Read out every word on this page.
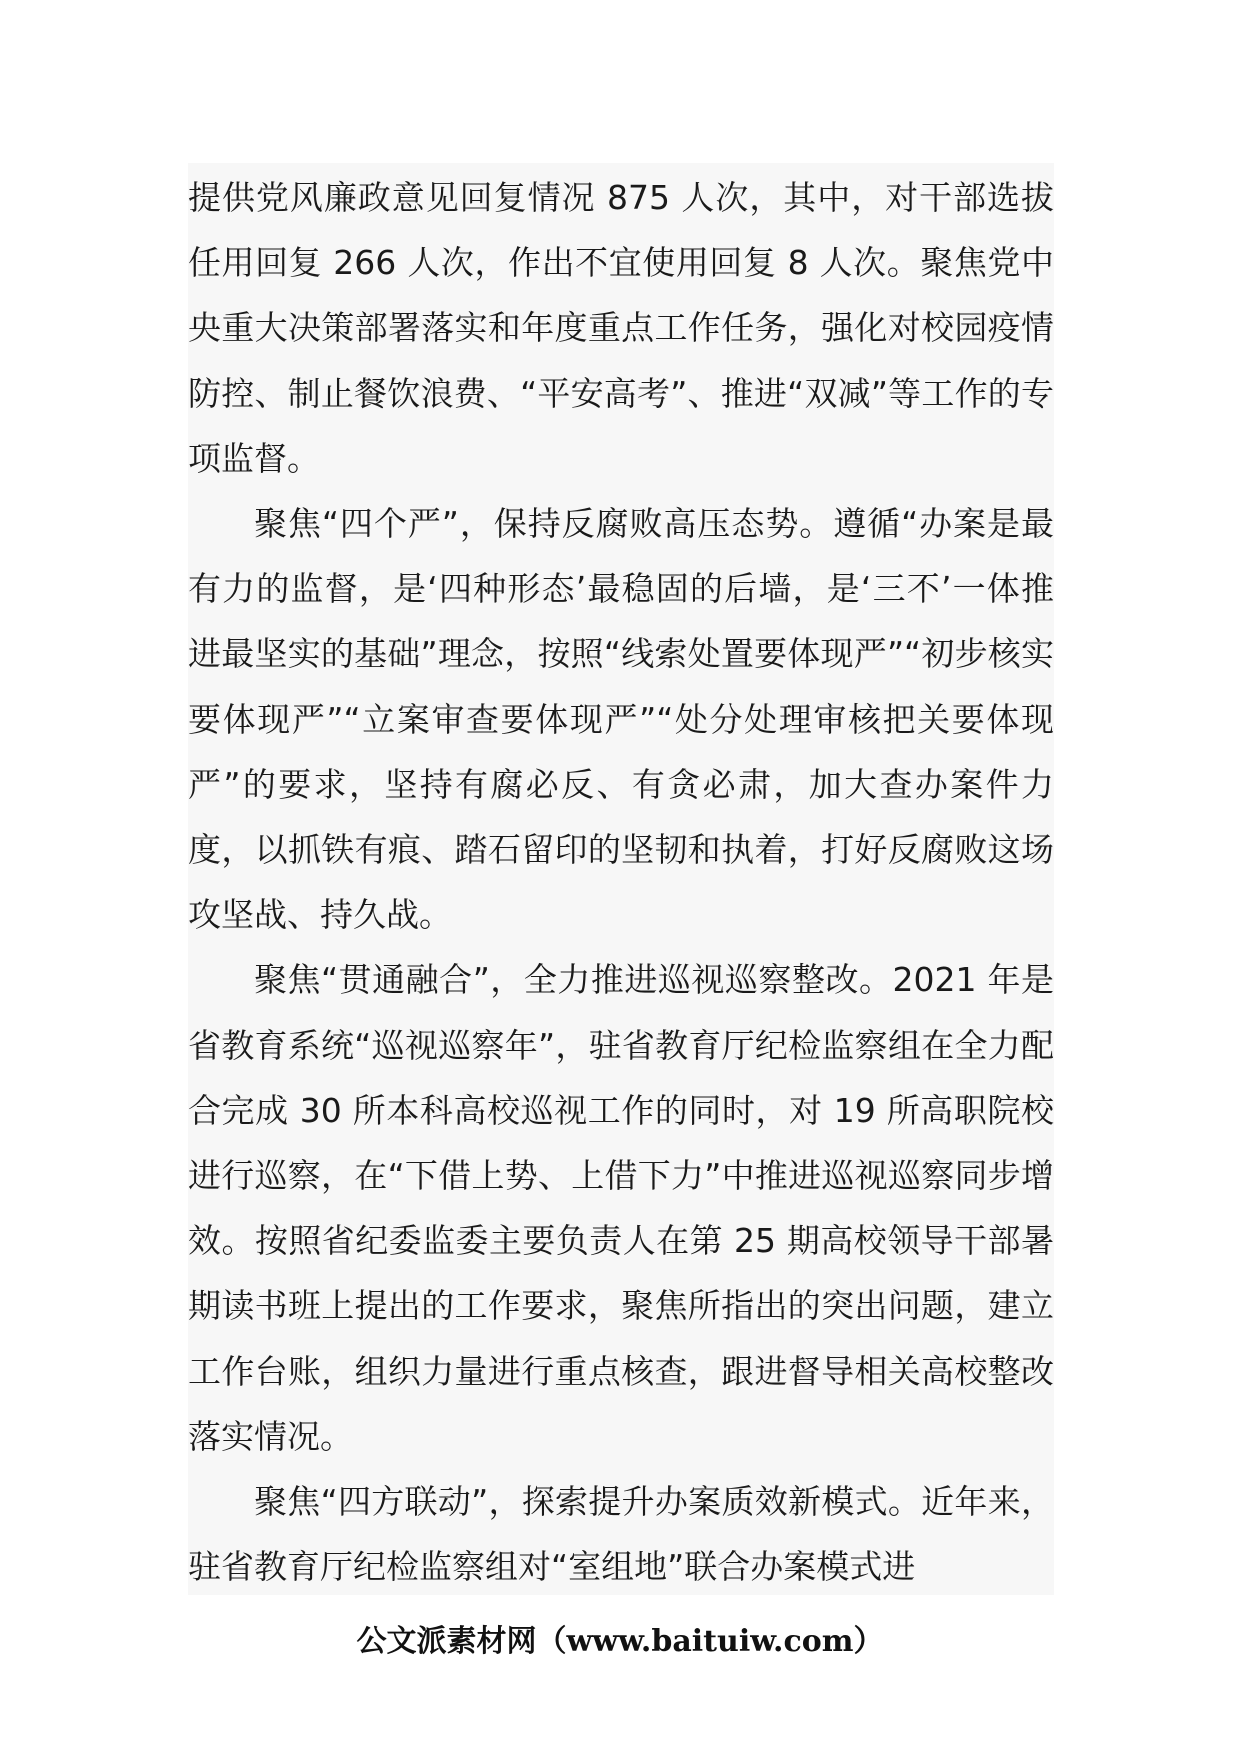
提供党风廉政意见回复情况 875 人次，其中，对干部选拔任用回复 266 人次，作出不宜使用回复 8 人次。聚焦党中央重大决策部署落实和年度重点工作任务，强化对校园疫情防控、制止餐饮浪费、“平安高考”、推进“双减”等工作的专项监督。

聚焦“四个严”，保持反腐败高压态势。遵循“办案是最有力的监督，是‘四种形态’最稳固的后墙，是‘三不’一体推进最坚实的基础”理念，按照“线索处置要体现严”“初步核实要体现严”“立案审查要体现严”“处分处理审核把关要体现严”的要求，坚持有腐必反、有贪必肃，加大查办案件力度，以抓铁有痕、踏石留印的坚韧和执着，打好反腐败这场攻坚战、持久战。

聚焦“贯通融合”，全力推进巡视巡察整改。2021 年是省教育系统“巡视巡察年”，驻省教育厅纪检监察组在全力配合完成 30 所本科高校巡视工作的同时，对 19 所高职院校进行巡察，在“下借上势、上借下力”中推进巡视巡察同步增效。按照省纪委监委主要负责人在第 25 期高校领导干部暑期读书班上提出的工作要求，聚焦所指出的突出问题，建立工作台账，组织力量进行重点核查，跟进督导相关高校整改落实情况。

聚焦“四方联动”，探索提升办案质效新模式。近年来，驻省教育厅纪检监察组对“室组地”联合办案模式进

公文派素材网（www.baituiw.com）
